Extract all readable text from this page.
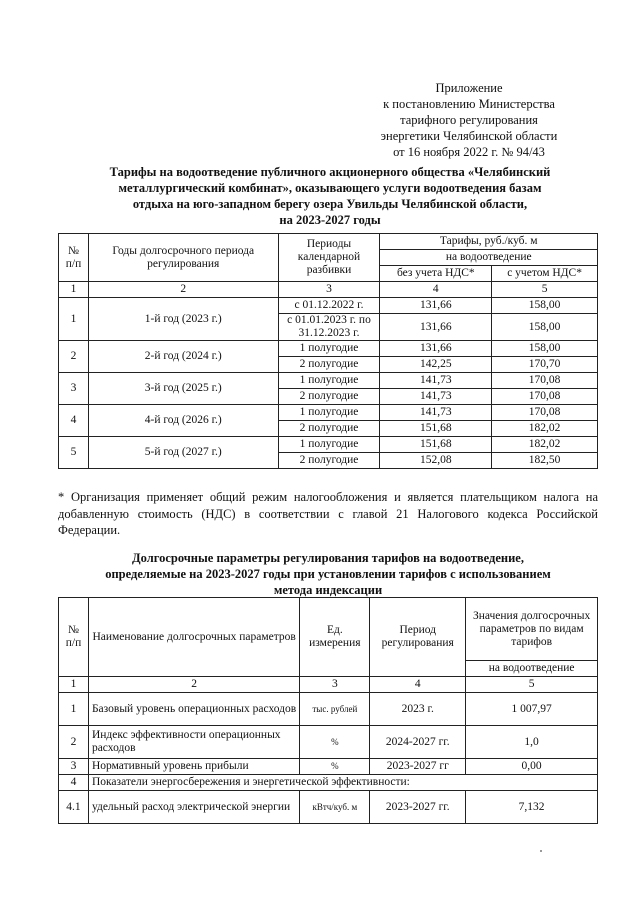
Приложение
к постановлению Министерства
тарифного регулирования
энергетики Челябинской области
от 16 ноября 2022 г. № 94/43
Тарифы на водоотведение публичного акционерного общества «Челябинский
металлургический комбинат», оказывающего услуги водоотведения базам
отдыха на юго-западном берегу озера Увильды Челябинской области,
на 2023-2027 годы
№ п/п	Годы долгосрочного периода регулирования	Периоды календарной разбивки	Тарифы, руб./куб. м	
			на водоотведение	
			без учета НДС*	с учетом НДС*
1	2	3	4	5
1	1-й год (2023 г.)	с 01.12.2022 г.	131,66	158,00
		с 01.01.2023 г. по 31.12.2023 г.	131,66	158,00
2	2-й год (2024 г.)	1 полугодие	131,66	158,00
		2 полугодие	142,25	170,70
3	3-й год (2025 г.)	1 полугодие	141,73	170,08
		2 полугодие	141,73	170,08
4	4-й год (2026 г.)	1 полугодие	141,73	170,08
		2 полугодие	151,68	182,02
5	5-й год (2027 г.)	1 полугодие	151,68	182,02
		2 полугодие	152,08	182,50
* Организация применяет общий режим налогообложения и является плательщиком налога на добавленную стоимость (НДС) в соответствии с главой 21 Налогового кодекса Российской Федерации.
Долгосрочные параметры регулирования тарифов на водоотведение,
определяемые на 2023-2027 годы при установлении тарифов с использованием
метода индексации
№ п/п	Наименование долгосрочных параметров	Ед. измерения	Период регулирования	Значения долгосрочных параметров по видам тарифов
				на водоотведение
1	2	3	4	5
1	Базовый уровень операционных расходов	тыс. рублей	2023 г.	1 007,97
2	Индекс эффективности операционных расходов	%	2024-2027 гг.	1,0
3	Нормативный уровень прибыли	%	2023-2027 гг	0,00
4	Показатели энергосбережения и энергетической эффективности:			
4.1	удельный расход электрической энергии	кВтч/куб. м	2023-2027 гг.	7,132
